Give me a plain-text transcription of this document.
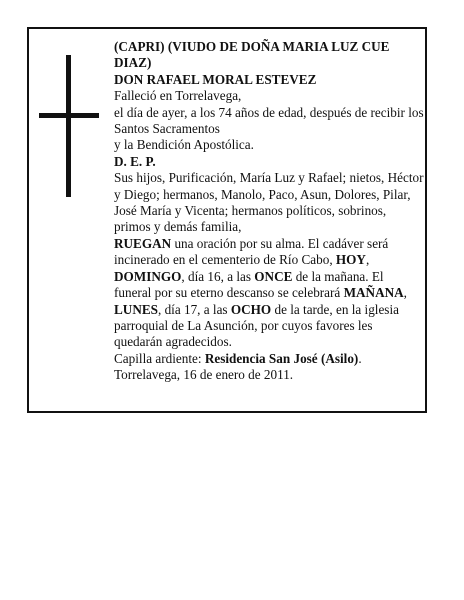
(CAPRI) (VIUDO DE DOÑA MARIA LUZ CUE DIAZ)

DON RAFAEL MORAL ESTEVEZ

Falleció en Torrelavega,

el día de ayer, a los 74 años de edad, después de recibir los Santos Sacramentos

y la Bendición Apostólica.

D. E. P.

Sus hijos, Purificación, María Luz y Rafael; nietos, Héctor y Diego; hermanos, Manolo, Paco, Asun, Dolores, Pilar, José María y Vicenta; hermanos políticos, sobrinos, primos y demás familia,

RUEGAN una oración por su alma. El cadáver será incinerado en el cementerio de Río Cabo, HOY, DOMINGO, día 16, a las ONCE de la mañana. El funeral por su eterno descanso se celebrará MAÑANA, LUNES, día 17, a las OCHO de la tarde, en la iglesia parroquial de La Asunción, por cuyos favores les quedarán agradecidos.

Capilla ardiente: Residencia San José (Asilo).

Torrelavega, 16 de enero de 2011.
